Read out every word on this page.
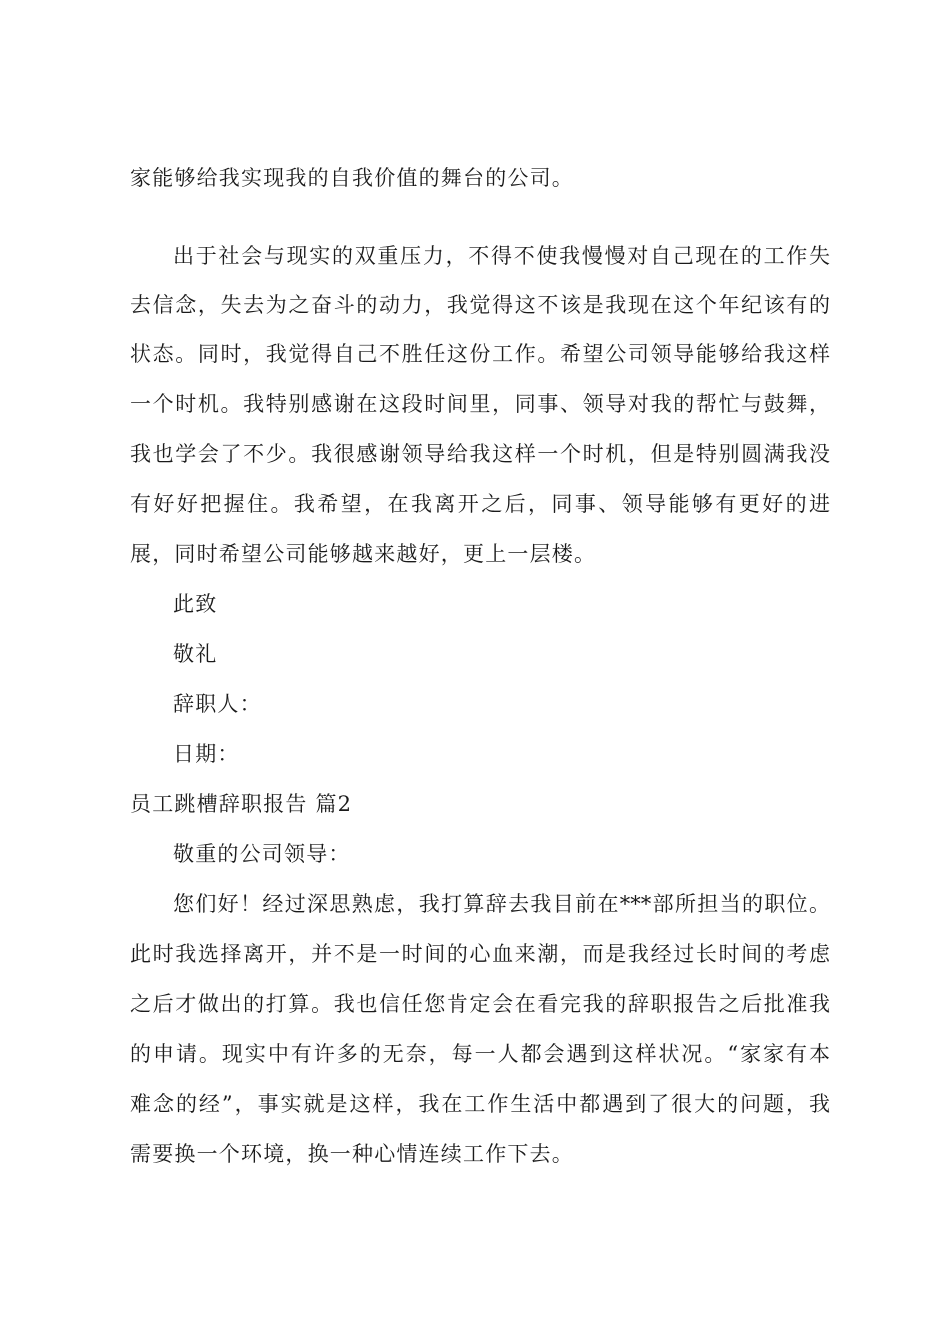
家能够给我实现我的自我价值的舞台的公司。
出于社会与现实的双重压力，不得不使我慢慢对自己现在的工作失
去信念，失去为之奋斗的动力，我觉得这不该是我现在这个年纪该有的
状态。同时，我觉得自己不胜任这份工作。希望公司领导能够给我这样
一个时机。我特别感谢在这段时间里，同事、领导对我的帮忙与鼓舞，
我也学会了不少。我很感谢领导给我这样一个时机，但是特别圆满我没
有好好把握住。我希望，在我离开之后，同事、领导能够有更好的进
展，同时希望公司能够越来越好，更上一层楼。
此致
敬礼
辞职人：
日期：
员工跳槽辞职报告 篇2
敬重的公司领导：
您们好！经过深思熟虑，我打算辞去我目前在***部所担当的职位。
此时我选择离开，并不是一时间的心血来潮，而是我经过长时间的考虑
之后才做出的打算。我也信任您肯定会在看完我的辞职报告之后批准我
的申请。现实中有许多的无奈，每一人都会遇到这样状况。“家家有本
难念的经”，事实就是这样，我在工作生活中都遇到了很大的问题，我
需要换一个环境，换一种心情连续工作下去。
